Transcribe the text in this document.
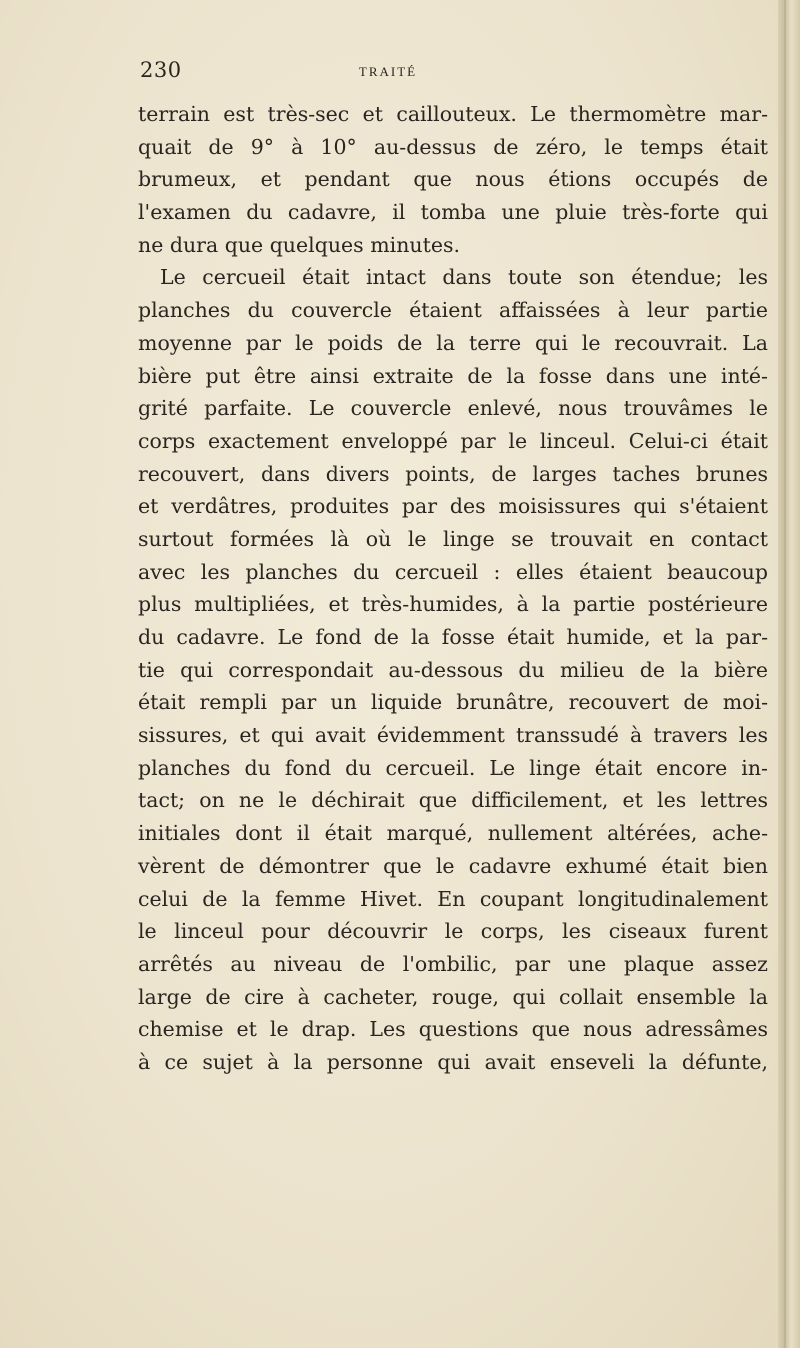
230	TRAITÉ
terrain est très-sec et caillouteux. Le thermomètre mar-
quait de 9° à 10° au-dessus de zéro, le temps était
brumeux, et pendant que nous étions occupés de
l'examen du cadavre, il tomba une pluie très-forte qui
ne dura que quelques minutes.
Le cercueil était intact dans toute son étendue; les
planches du couvercle étaient affaissées à leur partie
moyenne par le poids de la terre qui le recouvrait. La
bière put être ainsi extraite de la fosse dans une inté-
grité parfaite. Le couvercle enlevé, nous trouvâmes le
corps exactement enveloppé par le linceul. Celui-ci était
recouvert, dans divers points, de larges taches brunes
et verdâtres, produites par des moisissures qui s'étaient
surtout formées là où le linge se trouvait en contact
avec les planches du cercueil : elles étaient beaucoup
plus multipliées, et très-humides, à la partie postérieure
du cadavre. Le fond de la fosse était humide, et la par-
tie qui correspondait au-dessous du milieu de la bière
était rempli par un liquide brunâtre, recouvert de moi-
sissures, et qui avait évidemment transsudé à travers les
planches du fond du cercueil. Le linge était encore in-
tact; on ne le déchirait que difficilement, et les lettres
initiales dont il était marqué, nullement altérées, ache-
vèrent de démontrer que le cadavre exhumé était bien
celui de la femme Hivet. En coupant longitudinalement
le linceul pour découvrir le corps, les ciseaux furent
arrêtés au niveau de l'ombilic, par une plaque assez
large de cire à cacheter, rouge, qui collait ensemble la
chemise et le drap. Les questions que nous adressâmes
à ce sujet à la personne qui avait enseveli la défunte,
